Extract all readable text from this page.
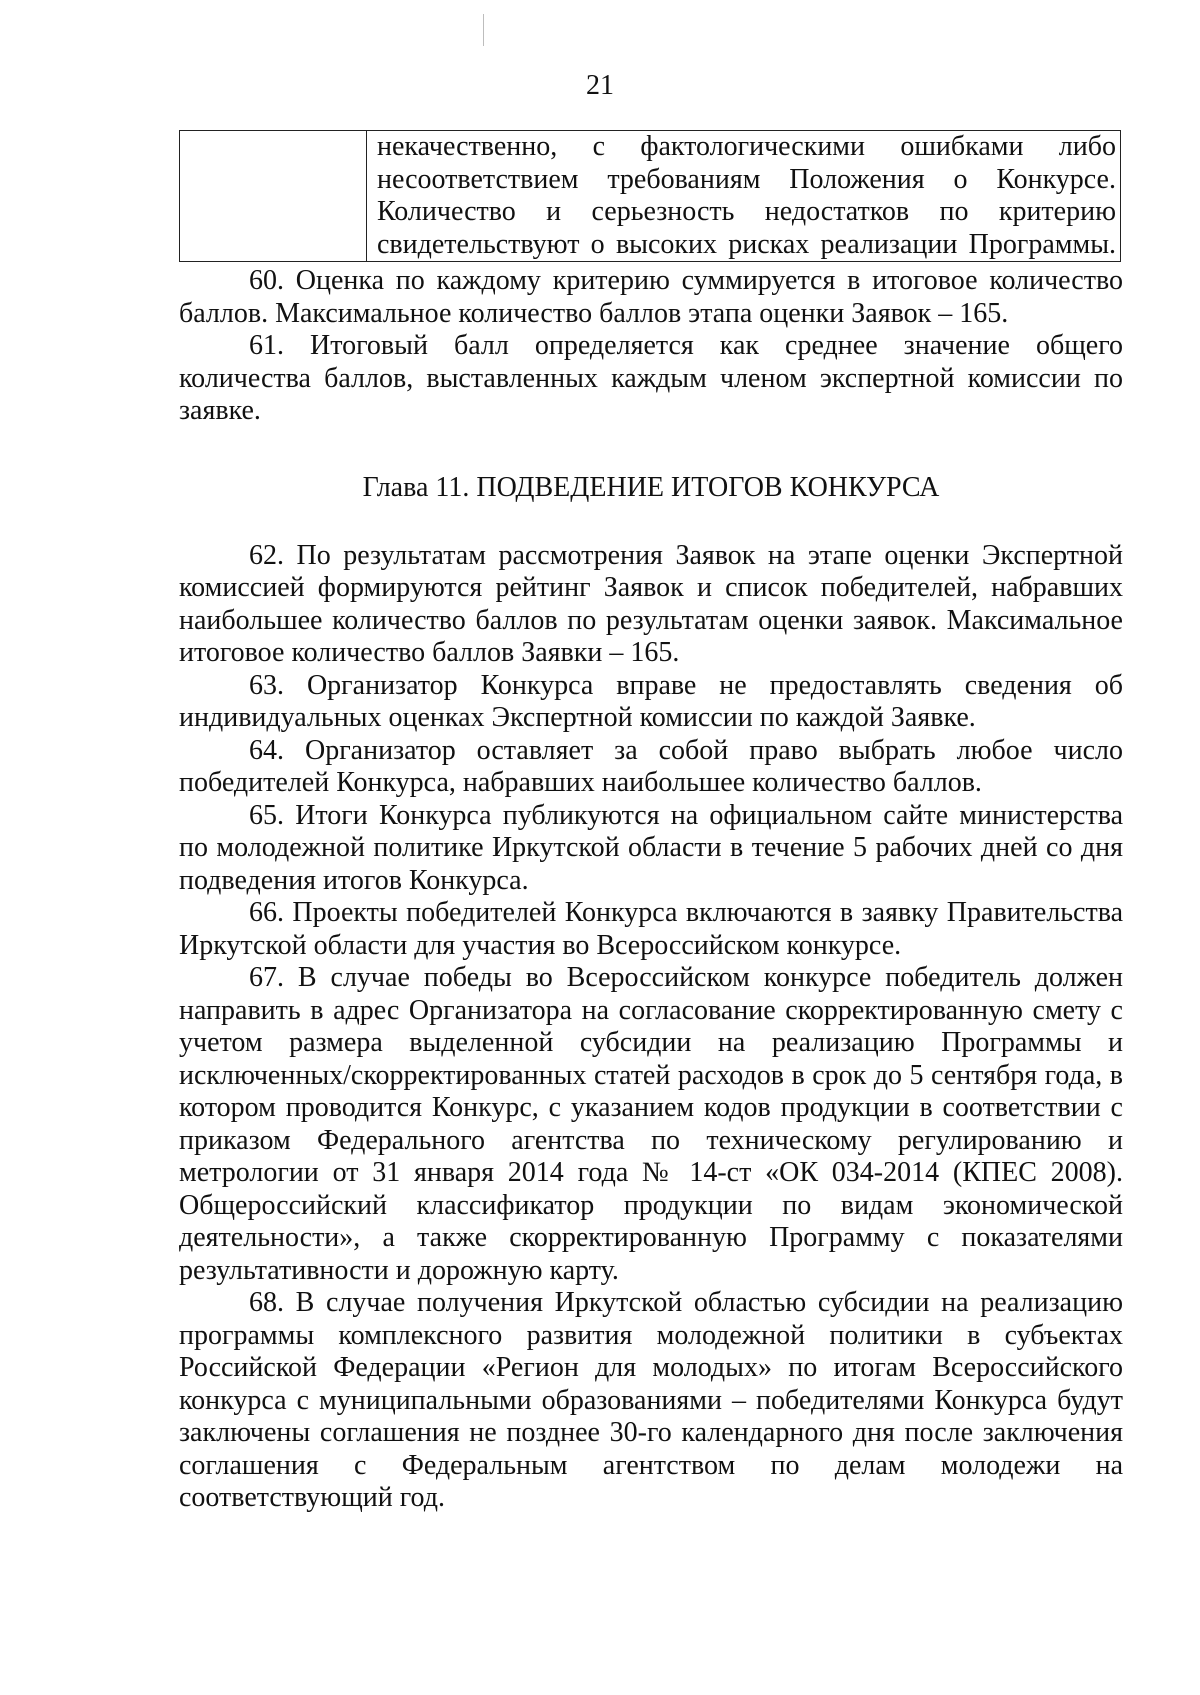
21
	некачественно, с фактологическими ошибками либо несоответствием требованиям Положения о Конкурсе. Количество и серьезность недостатков по критерию свидетельствуют о высоких рисках реализации Программы.

60. Оценка по каждому критерию суммируется в итоговое количество баллов. Максимальное количество баллов этапа оценки Заявок – 165.

61. Итоговый балл определяется как среднее значение общего количества баллов, выставленных каждым членом экспертной комиссии по заявке.

Глава 11. ПОДВЕДЕНИЕ ИТОГОВ КОНКУРСА

62. По результатам рассмотрения Заявок на этапе оценки Экспертной комиссией формируются рейтинг Заявок и список победителей, набравших наибольшее количество баллов по результатам оценки заявок. Максимальное итоговое количество баллов Заявки – 165.

63. Организатор Конкурса вправе не предоставлять сведения об индивидуальных оценках Экспертной комиссии по каждой Заявке.

64. Организатор оставляет за собой право выбрать любое число победителей Конкурса, набравших наибольшее количество баллов.

65. Итоги Конкурса публикуются на официальном сайте министерства по молодежной политике Иркутской области в течение 5 рабочих дней со дня подведения итогов Конкурса.

66. Проекты победителей Конкурса включаются в заявку Правительства Иркутской области для участия во Всероссийском конкурсе.

67. В случае победы во Всероссийском конкурсе победитель должен направить в адрес Организатора на согласование скорректированную смету с учетом размера выделенной субсидии на реализацию Программы и исключенных/скорректированных статей расходов в срок до 5 сентября года, в котором проводится Конкурс, с указанием кодов продукции в соответствии с приказом Федерального агентства по техническому регулированию и метрологии от 31 января 2014 года № 14-ст «ОК 034-2014 (КПЕС 2008). Общероссийский классификатор продукции по видам экономической деятельности», а также скорректированную Программу с показателями результативности и дорожную карту.

68. В случае получения Иркутской областью субсидии на реализацию программы комплексного развития молодежной политики в субъектах Российской Федерации «Регион для молодых» по итогам Всероссийского конкурса с муниципальными образованиями – победителями Конкурса будут заключены соглашения не позднее 30-го календарного дня после заключения соглашения с Федеральным агентством по делам молодежи на соответствующий год.
